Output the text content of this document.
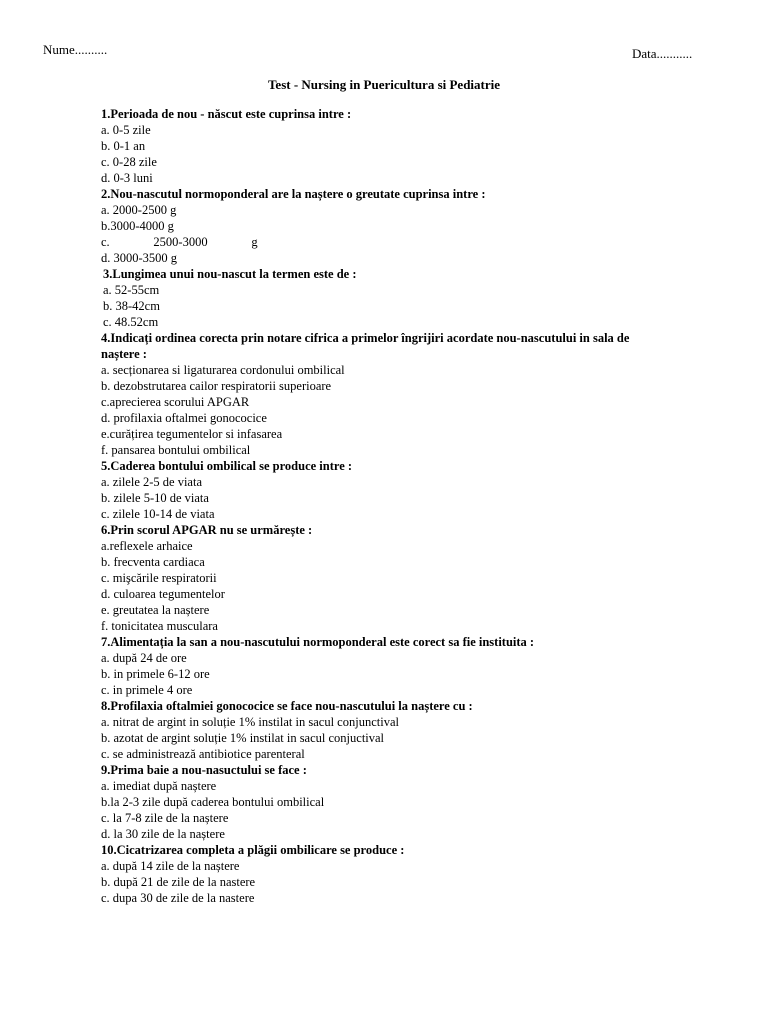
Nume..........	Data...........
Test - Nursing in Puericultura si Pediatrie
1.Perioada de nou - născut este cuprinsa intre :
a. 0-5 zile
b. 0-1 an
c. 0-28 zile
d. 0-3 luni
2.Nou-nascutul normoponderal are la naștere o greutate cuprinsa intre :
a. 2000-2500 g
b.3000-4000 g
c.              2500-3000              g
d. 3000-3500 g
3.Lungimea unui nou-nascut la termen este de :
a. 52-55cm
b. 38-42cm
c. 48.52cm
4.Indicați ordinea corecta prin notare cifrica a primelor îngrijiri acordate nou-nascutului in sala de naștere :
a. secționarea si ligaturarea cordonului ombilical
b. dezobstrutarea cailor respiratorii superioare
c.aprecierea scorului APGAR
d. profilaxia oftalmei gonococice
e.curățirea tegumentelor si infasarea
f. pansarea bontului ombilical
5.Caderea bontului ombilical se produce intre :
a. zilele 2-5 de viata
b. zilele 5-10 de viata
c. zilele 10-14 de viata
6.Prin scorul APGAR nu se urmărește :
a.reflexele arhaice
b. frecventa cardiaca
c. mişcările respiratorii
d. culoarea tegumentelor
e. greutatea la naștere
f. tonicitatea musculara
7.Alimentația la san a nou-nascutului normoponderal este corect sa fie instituita :
a. după 24 de ore
b. in primele 6-12 ore
c. in primele 4 ore
8.Profilaxia oftalmiei gonococice se face nou-nascutului la naștere cu :
a. nitrat de argint in soluție 1% instilat in sacul conjunctival
b. azotat de argint soluție 1% instilat in sacul conjuctival
c. se administrează antibiotice parenteral
9.Prima baie a nou-nasuctului se face :
a. imediat după naștere
b.la 2-3 zile după caderea bontului ombilical
c. la 7-8 zile de la naștere
d. la 30 zile de la naștere
10.Cicatrizarea completa a plăgii ombilicare se produce :
a. după 14 zile de la naștere
b. după 21 de zile de la nastere
c. dupa 30 de zile de la nastere
